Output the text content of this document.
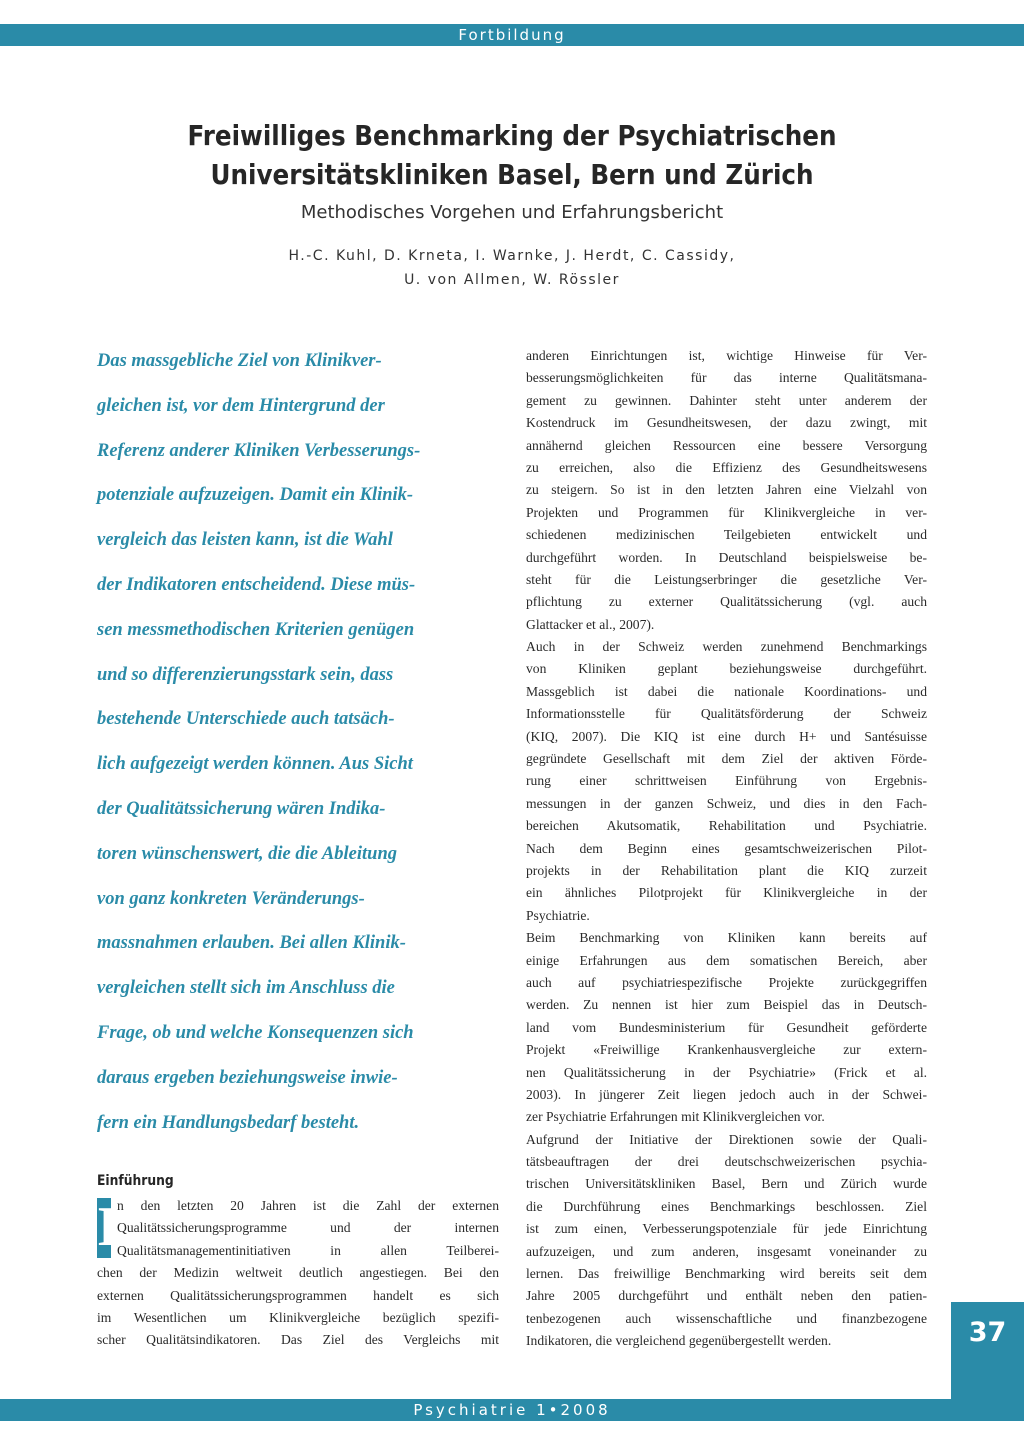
Fortbildung
Freiwilliges Benchmarking der Psychiatrischen
Universitätskliniken Basel, Bern und Zürich
Methodisches Vorgehen und Erfahrungsbericht
H.-C. Kuhl, D. Krneta, I. Warnke, J. Herdt, C. Cassidy,
U. von Allmen, W. Rössler
Das massgebliche Ziel von Klinikver-
gleichen ist, vor dem Hintergrund der
Referenz anderer Kliniken Verbesserungs-
potenziale aufzuzeigen. Damit ein Klinik-
vergleich das leisten kann, ist die Wahl
der Indikatoren entscheidend. Diese müs-
sen messmethodischen Kriterien genügen
und so differenzierungsstark sein, dass
bestehende Unterschiede auch tatsäch-
lich aufgezeigt werden können. Aus Sicht
der Qualitätssicherung wären Indika-
toren wünschenswert, die die Ableitung
von ganz konkreten Veränderungs-
massnahmen erlauben. Bei allen Klinik-
vergleichen stellt sich im Anschluss die
Frage, ob und welche Konsequenzen sich
daraus ergeben beziehungsweise inwie-
fern ein Handlungsbedarf besteht.
Einführung
I
n den letzten 20 Jahren ist die Zahl der externen
Qualitätssicherungsprogramme und der internen
Qualitätsmanagementinitiativen in allen Teilberei-
chen der Medizin weltweit deutlich angestiegen. Bei den
externen Qualitätssicherungsprogrammen handelt es sich
im Wesentlichen um Klinikvergleiche bezüglich spezifi-
scher Qualitätsindikatoren. Das Ziel des Vergleichs mit
anderen Einrichtungen ist, wichtige Hinweise für Ver-
besserungsmöglichkeiten für das interne Qualitätsmana-
gement zu gewinnen. Dahinter steht unter anderem der
Kostendruck im Gesundheitswesen, der dazu zwingt, mit
annähernd gleichen Ressourcen eine bessere Versorgung
zu erreichen, also die Effizienz des Gesundheitswesens
zu steigern. So ist in den letzten Jahren eine Vielzahl von
Projekten und Programmen für Klinikvergleiche in ver-
schiedenen medizinischen Teilgebieten entwickelt und
durchgeführt worden. In Deutschland beispielsweise be-
steht für die Leistungserbringer die gesetzliche Ver-
pflichtung zu externer Qualitätssicherung (vgl. auch
Glattacker et al., 2007).
Auch in der Schweiz werden zunehmend Benchmarkings
von Kliniken geplant beziehungsweise durchgeführt.
Massgeblich ist dabei die nationale Koordinations- und
Informationsstelle für Qualitätsförderung der Schweiz
(KIQ, 2007). Die KIQ ist eine durch H+ und Santésuisse
gegründete Gesellschaft mit dem Ziel der aktiven Förde-
rung einer schrittweisen Einführung von Ergebnis-
messungen in der ganzen Schweiz, und dies in den Fach-
bereichen Akutsomatik, Rehabilitation und Psychiatrie.
Nach dem Beginn eines gesamtschweizerischen Pilot-
projekts in der Rehabilitation plant die KIQ zurzeit
ein ähnliches Pilotprojekt für Klinikvergleiche in der
Psychiatrie.
Beim Benchmarking von Kliniken kann bereits auf
einige Erfahrungen aus dem somatischen Bereich, aber
auch auf psychiatriespezifische Projekte zurückgegriffen
werden. Zu nennen ist hier zum Beispiel das in Deutsch-
land vom Bundesministerium für Gesundheit geförderte
Projekt «Freiwillige Krankenhausvergleiche zur extern-
nen Qualitätssicherung in der Psychiatrie» (Frick et al.
2003). In jüngerer Zeit liegen jedoch auch in der Schwei-
zer Psychiatrie Erfahrungen mit Klinikvergleichen vor.
Aufgrund der Initiative der Direktionen sowie der Quali-
tätsbeauftragen der drei deutschschweizerischen psychia-
trischen Universitätskliniken Basel, Bern und Zürich wurde
die Durchführung eines Benchmarkings beschlossen. Ziel
ist zum einen, Verbesserungspotenziale für jede Einrichtung
aufzuzeigen, und zum anderen, insgesamt voneinander zu
lernen. Das freiwillige Benchmarking wird bereits seit dem
Jahre 2005 durchgeführt und enthält neben den patien-
tenbezogenen auch wissenschaftliche und finanzbezogene
Indikatoren, die vergleichend gegenübergestellt werden.	37
Psychiatrie 1•2008
